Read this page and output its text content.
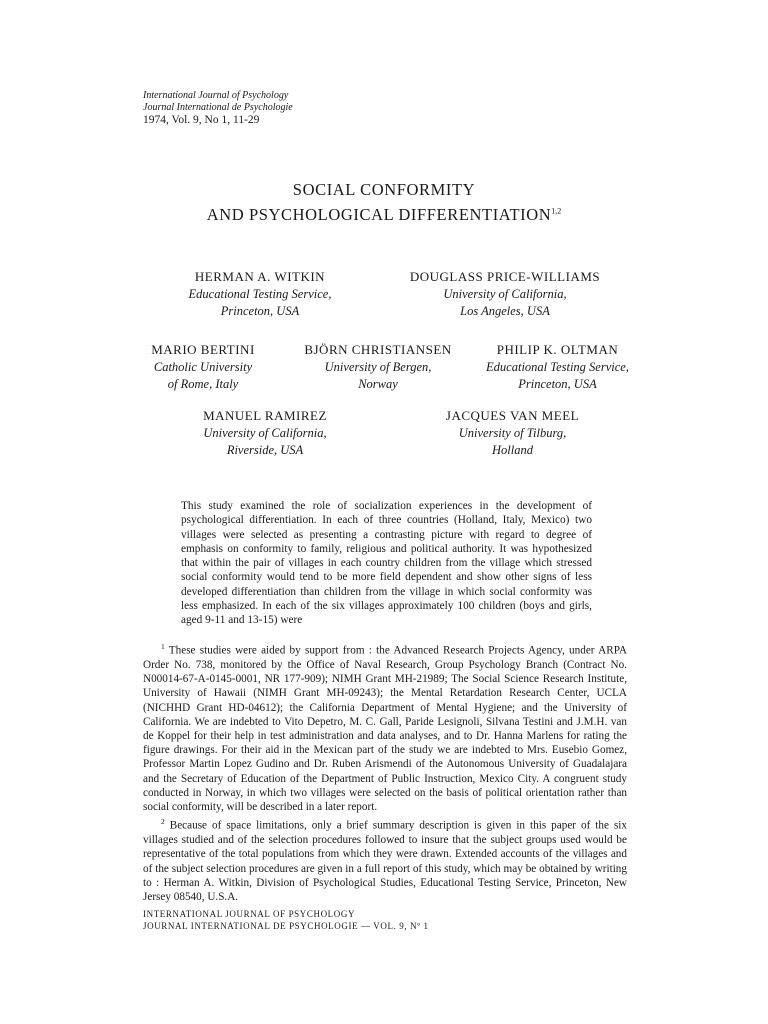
International Journal of Psychology
Journal International de Psychologie
1974, Vol. 9, No 1, 11-29
SOCIAL CONFORMITY
AND PSYCHOLOGICAL DIFFERENTIATION$^{1,2}$
HERMAN A. WITKIN
Educational Testing Service,
Princeton, USA
DOUGLASS PRICE-WILLIAMS
University of California,
Los Angeles, USA
MARIO BERTINI
Catholic University
of Rome, Italy
BJÖRN CHRISTIANSEN
University of Bergen,
Norway
PHILIP K. OLTMAN
Educational Testing Service,
Princeton, USA
MANUEL RAMIREZ
University of California,
Riverside, USA
JACQUES VAN MEEL
University of Tilburg,
Holland
This study examined the role of socialization experiences in the development of psychological differentiation. In each of three countries (Holland, Italy, Mexico) two villages were selected as presenting a contrasting picture with regard to degree of emphasis on conformity to family, religious and political authority. It was hypothesized that within the pair of villages in each country children from the village which stressed social conformity would tend to be more field dependent and show other signs of less developed differentiation than children from the village in which social conformity was less emphasized. In each of the six villages approximately 100 children (boys and girls, aged 9-11 and 13-15) were

$^1$ These studies were aided by support from : the Advanced Research Projects Agency, under ARPA Order No. 738, monitored by the Office of Naval Research, Group Psychology Branch (Contract No. N00014-67-A-0145-0001, NR 177-909); NIMH Grant MH-21989; The Social Science Research Institute, University of Hawaii (NIMH Grant MH-09243); the Mental Retardation Research Center, UCLA (NICHHD Grant HD-04612); the California Department of Mental Hygiene; and the University of California. We are indebted to Vito Depetro, M. C. Gall, Paride Lesignoli, Silvana Testini and J.M.H. van de Koppel for their help in test administration and data analyses, and to Dr. Hanna Marlens for rating the figure drawings. For their aid in the Mexican part of the study we are indebted to Mrs. Eusebio Gomez, Professor Martin Lopez Gudino and Dr. Ruben Arismendi of the Autonomous University of Guadalajara and the Secretary of Education of the Department of Public Instruction, Mexico City. A congruent study conducted in Norway, in which two villages were selected on the basis of political orientation rather than social conformity, will be described in a later report.

$^2$ Because of space limitations, only a brief summary description is given in this paper of the six villages studied and of the selection procedures followed to insure that the subject groups used would be representative of the total populations from which they were drawn. Extended accounts of the villages and of the subject selection procedures are given in a full report of this study, which may be obtained by writing to : Herman A. Witkin, Division of Psychological Studies, Educational Testing Service, Princeton, New Jersey 08540, U.S.A.

INTERNATIONAL JOURNAL OF PSYCHOLOGY
JOURNAL INTERNATIONAL DE PSYCHOLOGIE — VOL. 9, Nº 1
